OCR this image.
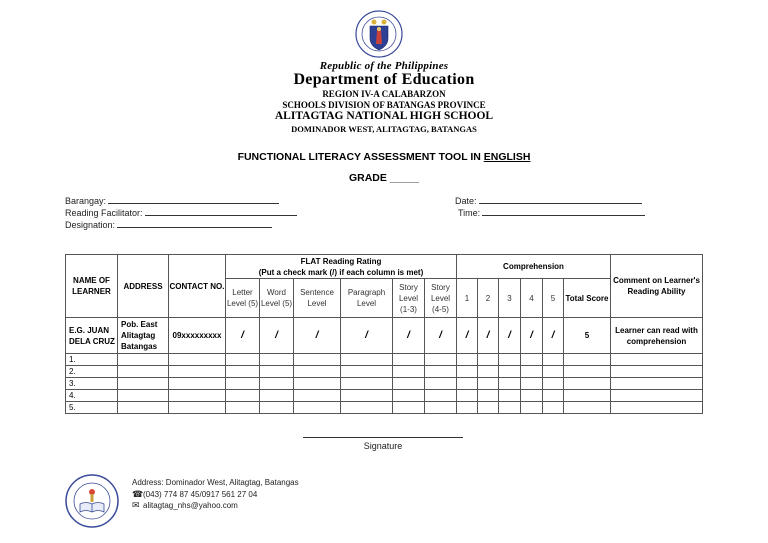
Republic of the Philippines
Department of Education
REGION IV-A CALABARZON
SCHOOLS DIVISION OF BATANGAS PROVINCE
ALITAGTAG NATIONAL HIGH SCHOOL
DOMINADOR WEST, ALITAGTAG, BATANGAS
FUNCTIONAL LITERACY ASSESSMENT TOOL IN ENGLISH
GRADE _____
Barangay:
Reading Facilitator:
Designation:
Date:
Time:
NAME OF LEARNER	ADDRESS	CONTACT NO.	FLAT Reading Rating
(Put a check mark (/) if each column is met)						Comprehension						Comment on Learner's Reading Ability
			Letter Level (5)	Word Level (5)	Sentence Level	Paragraph Level	Story Level (1-3)	Story Level (4-5)	1	2	3	4	5	Total Score	
E.G. JUAN DELA CRUZ	Pob. East Alitagtag Batangas	09xxxxxxxxx	/	/	/	/	/	/	/	/	/	/	/	5	Learner can read with comprehension
1.															
2.															
3.															
4.															
5.															
Signature
Address: Dominador West, Alitagtag, Batangas
☎(043) 774 87 45/0917 561 27 04
✉ alitagtag_nhs@yahoo.com
